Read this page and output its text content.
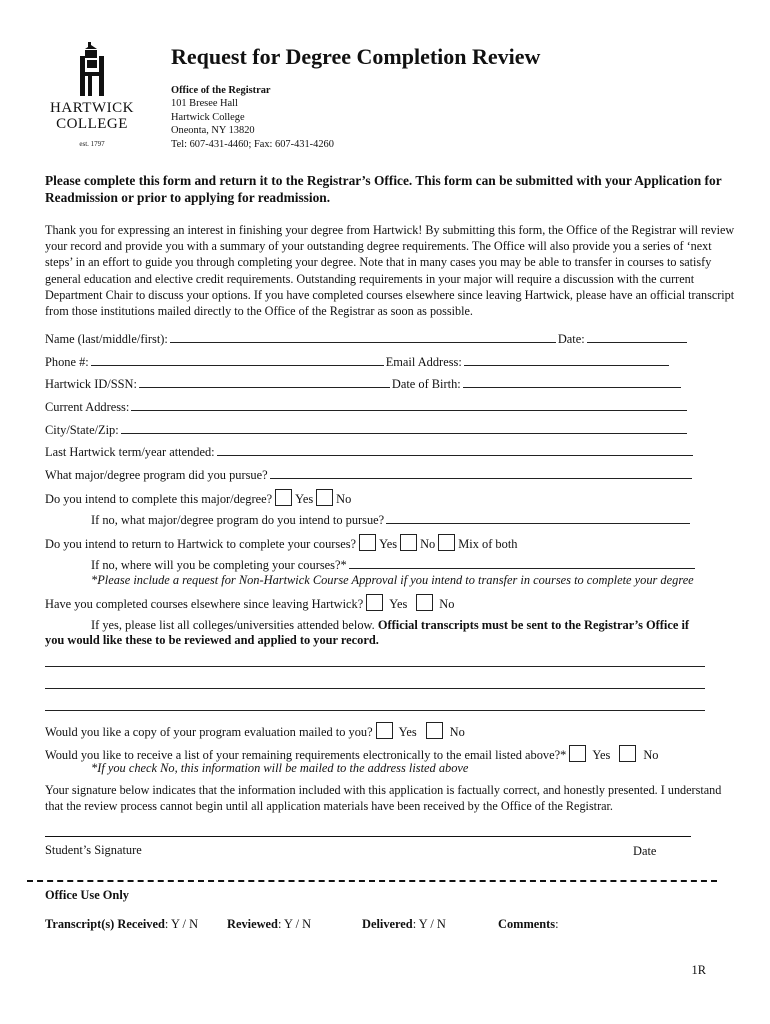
HARTWICK
COLLEGE
est. 1797
Request for Degree Completion Review
Office of the Registrar
101 Bresee Hall
Hartwick College
Oneonta, NY 13820
Tel: 607-431-4460; Fax: 607-431-4260
Please complete this form and return it to the Registrar’s Office. This form can be submitted with your Application for Readmission or prior to applying for readmission.
Thank you for expressing an interest in finishing your degree from Hartwick! By submitting this form, the Office of the Registrar will review your record and provide you with a summary of your outstanding degree requirements. The Office will also provide you a series of ‘next steps’ in an effort to guide you through completing your degree. Note that in many cases you may be able to transfer in courses to satisfy general education and elective credit requirements. Outstanding requirements in your major will require a discussion with the current Department Chair to discuss your options. If you have completed courses elsewhere since leaving Hartwick, please have an official transcript from those institutions mailed directly to the Office of the Registrar as soon as possible.
Name (last/middle/first):	Date:
Phone #:	Email Address:
Hartwick ID/SSN:	Date of Birth:
Current Address:
City/State/Zip:
Last Hartwick term/year attended:
What major/degree program did you pursue?
Do you intend to complete this major/degree? Yes No
If no, what major/degree program do you intend to pursue?
Do you intend to return to Hartwick to complete your courses? Yes No Mix of both
If no, where will you be completing your courses?*
*Please include a request for Non-Hartwick Course Approval if you intend to transfer in courses to complete your degree
Have you completed courses elsewhere since leaving Hartwick? Yes	No
If yes, please list all colleges/universities attended below. Official transcripts must be sent to the Registrar’s Office if
you would like these to be reviewed and applied to your record.
Would you like a copy of your program evaluation mailed to you? Yes	No
Would you like to receive a list of your remaining requirements electronically to the email listed above?* Yes	No
*If you check No, this information will be mailed to the address listed above
Your signature below indicates that the information included with this application is factually correct, and honestly presented. I understand that the review process cannot begin until all application materials have been received by the Office of the Registrar.
Student’s Signature	Date
Office Use Only
Transcript(s) Received: Y / N Reviewed: Y / N	Delivered: Y / N	Comments:
1R
